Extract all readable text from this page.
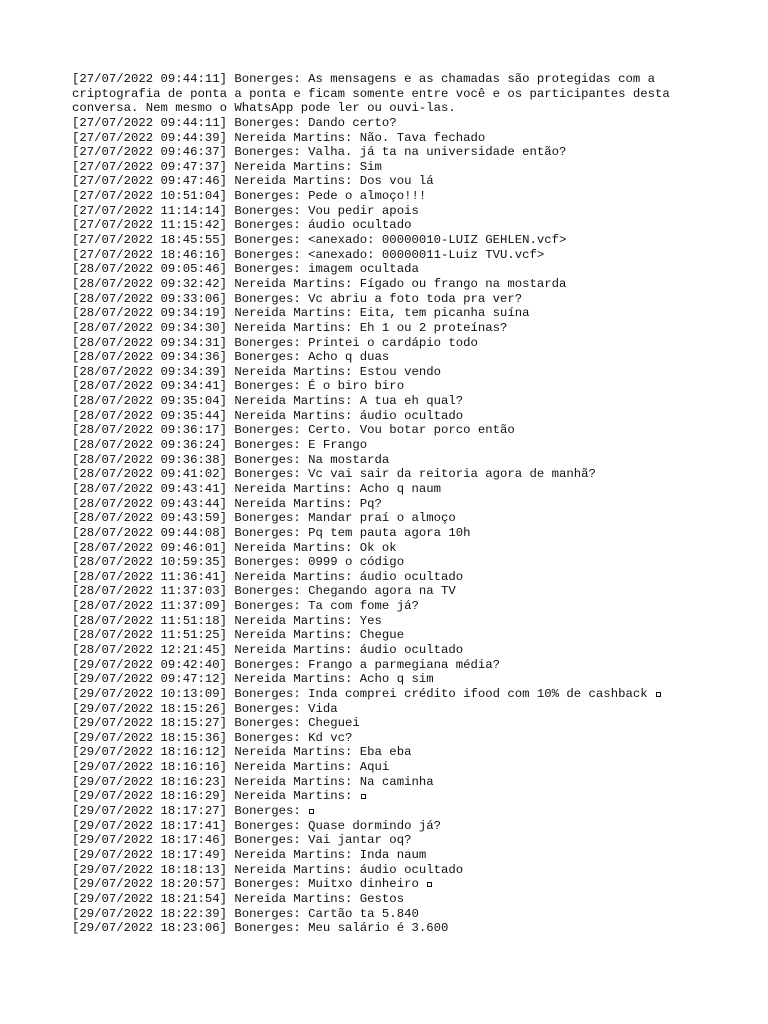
[27/07/2022 09:44:11] Bonerges: As mensagens e as chamadas são protegidas com a
criptografia de ponta a ponta e ficam somente entre você e os participantes desta
conversa. Nem mesmo o WhatsApp pode ler ou ouvi-las.
[27/07/2022 09:44:11] Bonerges: Dando certo?
[27/07/2022 09:44:39] Nereida Martins: Não. Tava fechado
[27/07/2022 09:46:37] Bonerges: Valha. já ta na universidade então?
[27/07/2022 09:47:37] Nereida Martins: Sim
[27/07/2022 09:47:46] Nereida Martins: Dos vou lá
[27/07/2022 10:51:04] Bonerges: Pede o almoço!!!
[27/07/2022 11:14:14] Bonerges: Vou pedir apois
[27/07/2022 11:15:42] Bonerges: áudio ocultado
[27/07/2022 18:45:55] Bonerges: <anexado: 00000010-LUIZ GEHLEN.vcf>
[27/07/2022 18:46:16] Bonerges: <anexado: 00000011-Luiz TVU.vcf>
[28/07/2022 09:05:46] Bonerges: imagem ocultada
[28/07/2022 09:32:42] Nereida Martins: Fígado ou frango na mostarda
[28/07/2022 09:33:06] Bonerges: Vc abriu a foto toda pra ver?
[28/07/2022 09:34:19] Nereida Martins: Eita, tem picanha suína
[28/07/2022 09:34:30] Nereida Martins: Eh 1 ou 2 proteínas?
[28/07/2022 09:34:31] Bonerges: Printei o cardápio todo
[28/07/2022 09:34:36] Bonerges: Acho q duas
[28/07/2022 09:34:39] Nereida Martins: Estou vendo
[28/07/2022 09:34:41] Bonerges: É o biro biro
[28/07/2022 09:35:04] Nereida Martins: A tua eh qual?
[28/07/2022 09:35:44] Nereida Martins: áudio ocultado
[28/07/2022 09:36:17] Bonerges: Certo. Vou botar porco então
[28/07/2022 09:36:24] Bonerges: E Frango
[28/07/2022 09:36:38] Bonerges: Na mostarda
[28/07/2022 09:41:02] Bonerges: Vc vai sair da reitoria agora de manhã?
[28/07/2022 09:43:41] Nereida Martins: Acho q naum
[28/07/2022 09:43:44] Nereida Martins: Pq?
[28/07/2022 09:43:59] Bonerges: Mandar praí o almoço
[28/07/2022 09:44:08] Bonerges: Pq tem pauta agora 10h
[28/07/2022 09:46:01] Nereida Martins: Ok ok
[28/07/2022 10:59:35] Bonerges: 0999 o código
[28/07/2022 11:36:41] Nereida Martins: áudio ocultado
[28/07/2022 11:37:03] Bonerges: Chegando agora na TV
[28/07/2022 11:37:09] Bonerges: Ta com fome já?
[28/07/2022 11:51:18] Nereida Martins: Yes
[28/07/2022 11:51:25] Nereida Martins: Chegue
[28/07/2022 12:21:45] Nereida Martins: áudio ocultado
[29/07/2022 09:42:40] Bonerges: Frango a parmegiana média?
[29/07/2022 09:47:12] Nereida Martins: Acho q sim
[29/07/2022 10:13:09] Bonerges: Inda comprei crédito ifood com 10% de cashback
[29/07/2022 18:15:26] Bonerges: Vida
[29/07/2022 18:15:27] Bonerges: Cheguei
[29/07/2022 18:15:36] Bonerges: Kd vc?
[29/07/2022 18:16:12] Nereida Martins: Eba eba
[29/07/2022 18:16:16] Nereida Martins: Aqui
[29/07/2022 18:16:23] Nereida Martins: Na caminha
[29/07/2022 18:16:29] Nereida Martins:
[29/07/2022 18:17:27] Bonerges:
[29/07/2022 18:17:41] Bonerges: Quase dormindo já?
[29/07/2022 18:17:46] Bonerges: Vai jantar oq?
[29/07/2022 18:17:49] Nereida Martins: Inda naum
[29/07/2022 18:18:13] Nereida Martins: áudio ocultado
[29/07/2022 18:20:57] Bonerges: Muitxo dinheiro
[29/07/2022 18:21:54] Nereida Martins: Gestos
[29/07/2022 18:22:39] Bonerges: Cartão ta 5.840
[29/07/2022 18:23:06] Bonerges: Meu salário é 3.600
